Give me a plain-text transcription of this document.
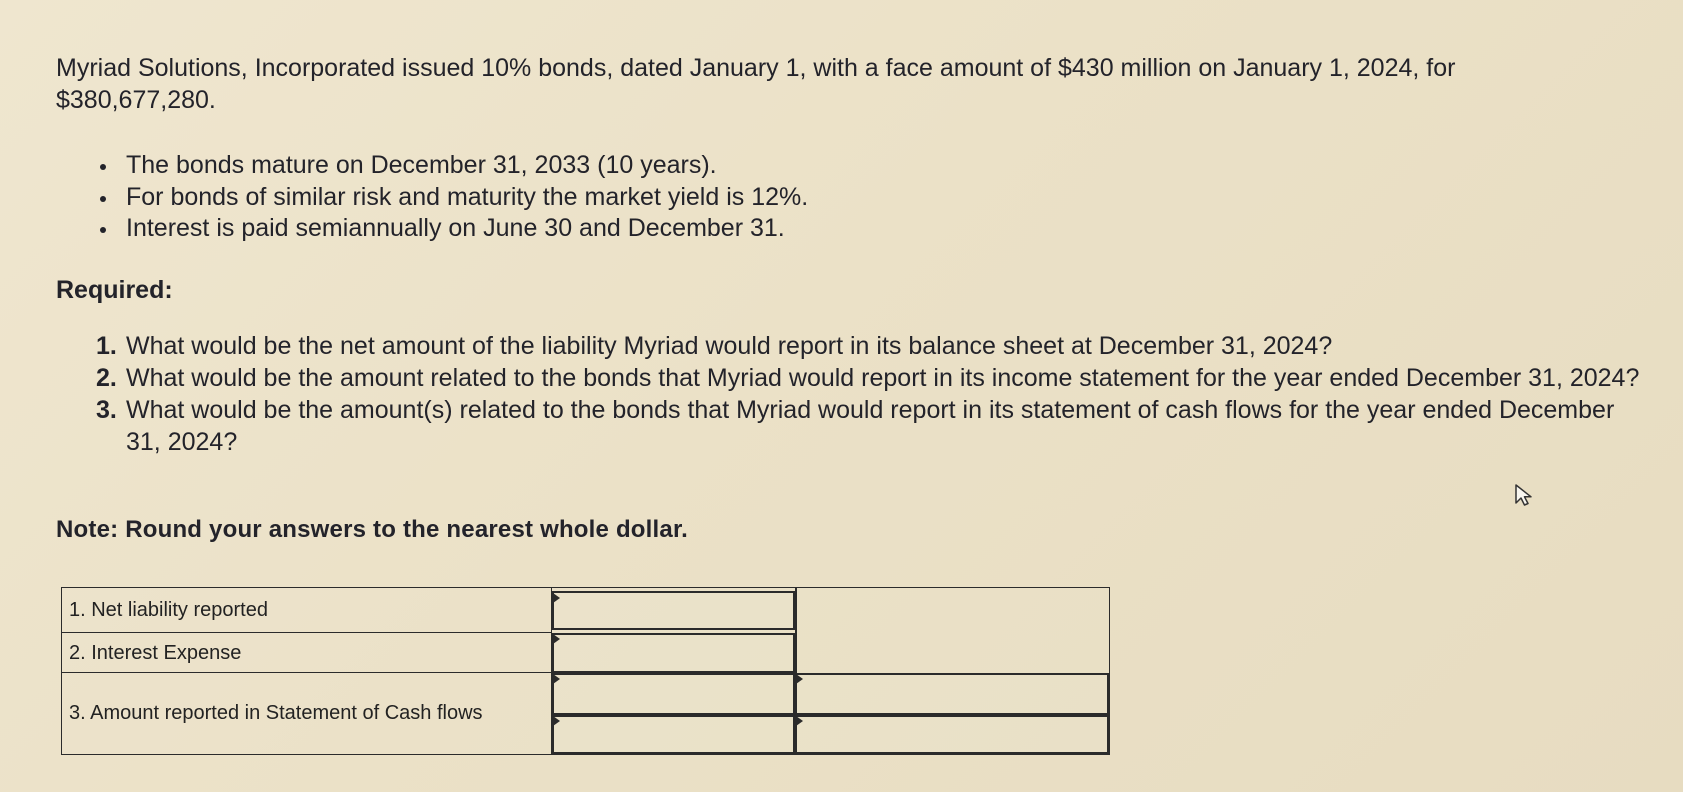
Myriad Solutions, Incorporated issued 10% bonds, dated January 1, with a face amount of $430 million on January 1, 2024, for
$380,677,280.

The bonds mature on December 31, 2033 (10 years).
For bonds of similar risk and maturity the market yield is 12%.
Interest is paid semiannually on June 30 and December 31.
Required:
1. What would be the net amount of the liability Myriad would report in its balance sheet at December 31, 2024?
2. What would be the amount related to the bonds that Myriad would report in its income statement for the year ended December 31, 2024?
3. What would be the amount(s) related to the bonds that Myriad would report in its statement of cash flows for the year ended December 31, 2024?

Note: Round your answers to the nearest whole dollar.

1. Net liability reported
2. Interest Expense
3. Amount reported in Statement of Cash flows
